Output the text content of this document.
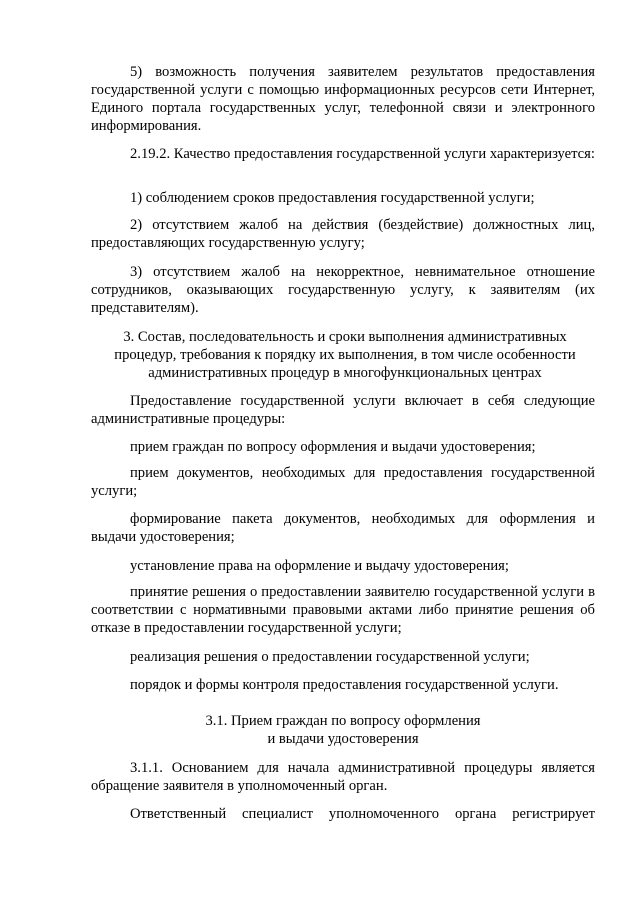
5) возможность получения заявителем результатов предоставления государственной услуги с помощью информационных ресурсов сети Интернет, Единого портала государственных услуг, телефонной связи и электронного информирования.

2.19.2. Качество предоставления государственной услуги характеризуется:

1) соблюдением сроков предоставления государственной услуги;

2) отсутствием жалоб на действия (бездействие) должностных лиц, предоставляющих государственную услугу;

3) отсутствием жалоб на некорректное, невнимательное отношение сотрудников, оказывающих государственную услугу, к заявителям (их представителям).

3. Состав, последовательность и сроки выполнения административных процедур, требования к порядку их выполнения, в том числе особенности административных процедур в многофункциональных центрах

Предоставление государственной услуги включает в себя следующие административные процедуры:

прием граждан по вопросу оформления и выдачи удостоверения;

прием документов, необходимых для предоставления государственной услуги;

формирование пакета документов, необходимых для оформления и выдачи удостоверения;

установление права на оформление и выдачу удостоверения;

принятие решения о предоставлении заявителю государственной услуги в соответствии с нормативными правовыми актами либо принятие решения об отказе в предоставлении государственной услуги;

реализация решения о предоставлении государственной услуги;

порядок и формы контроля предоставления государственной услуги.

3.1. Прием граждан по вопросу оформления

и выдачи удостоверения

3.1.1. Основанием для начала административной процедуры является обращение заявителя в уполномоченный орган.

Ответственный специалист уполномоченного органа регистрирует
